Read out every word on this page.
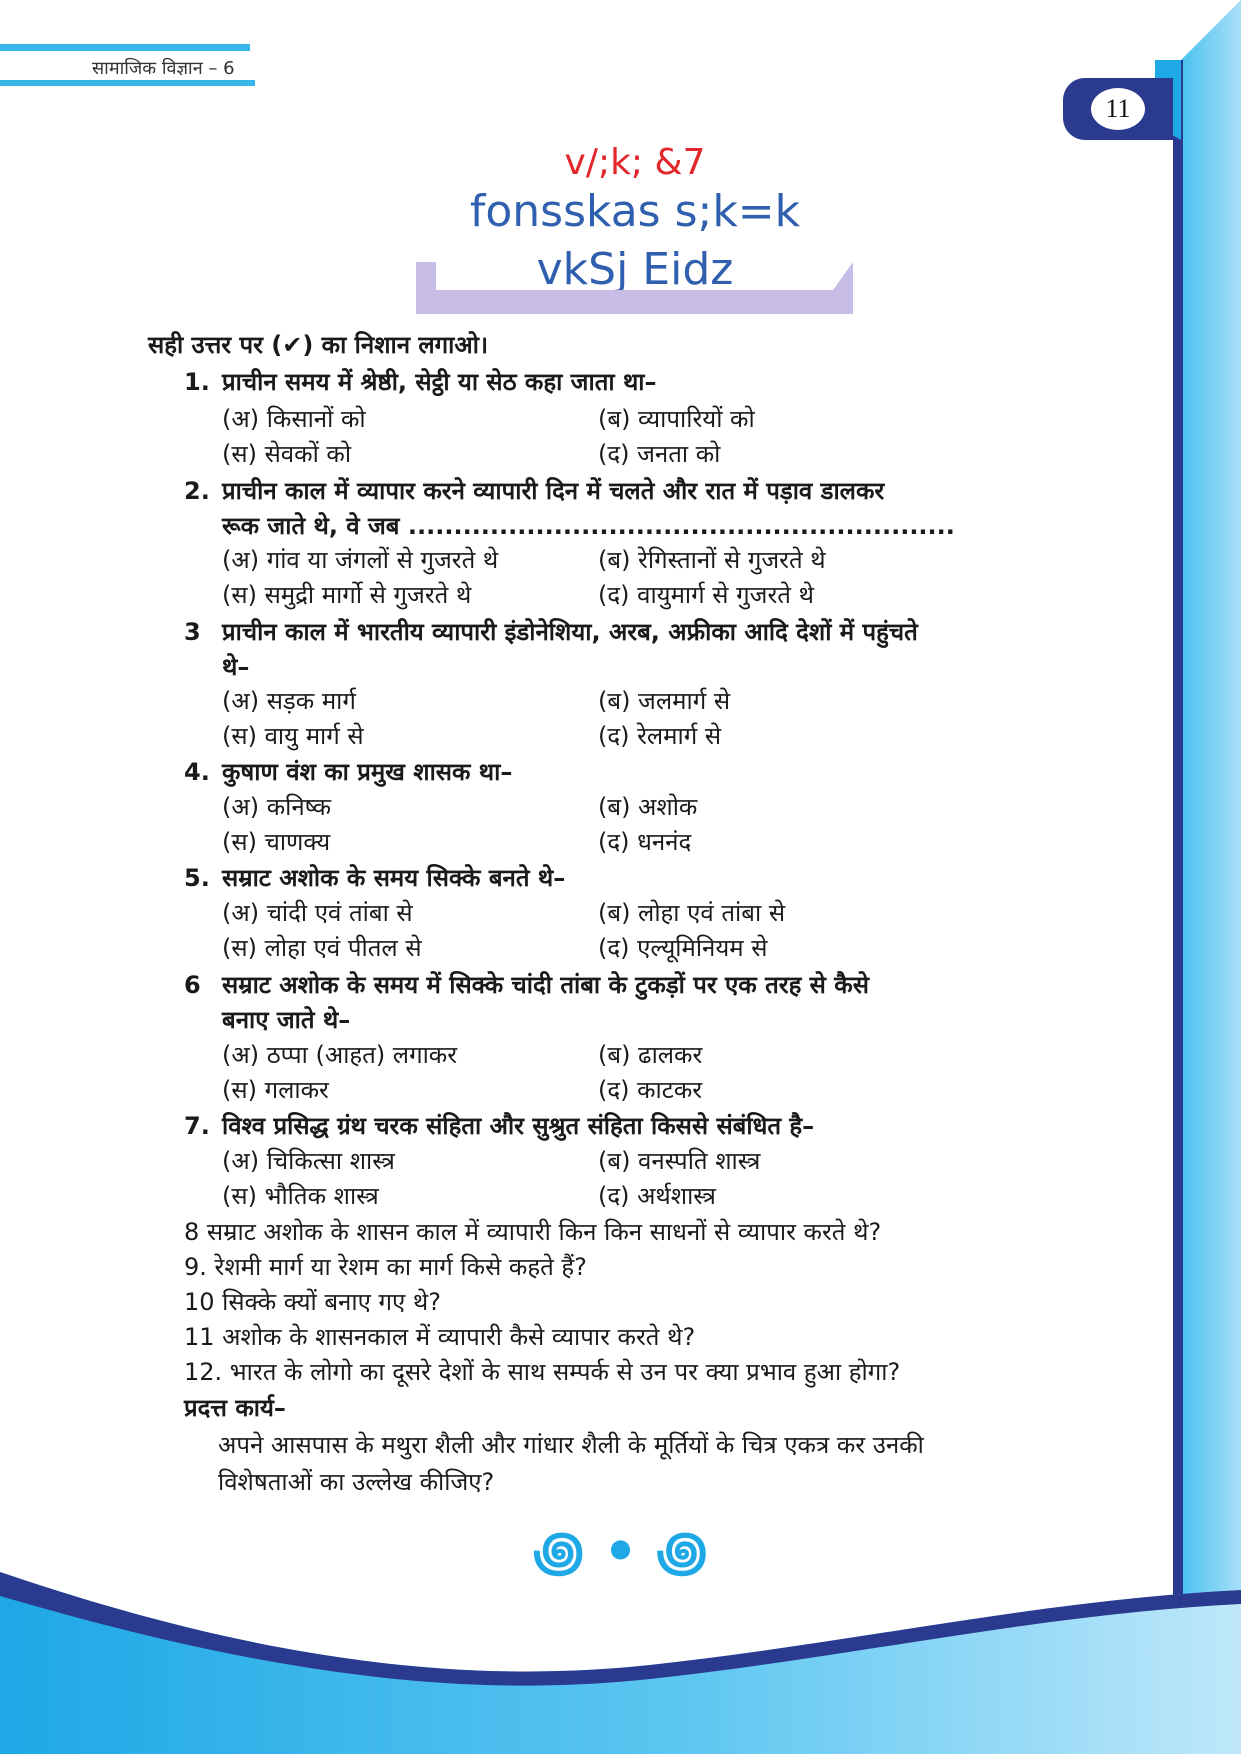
सामाजिक विज्ञान – 6
11
v/;k; &7
fonsskas s;k=k
vkSj Eidz
सही उत्तर पर (✔) का निशान लगाओ।
1. प्राचीन समय में श्रेष्ठी, सेट्ठी या सेठ कहा जाता था–
(अ) किसानों को	(ब) व्यापारियों को
(स) सेवकों को	(द) जनता को
2. प्राचीन काल में व्यापार करने व्यापारी दिन में चलते और रात में पड़ाव डालकर
रूक जाते थे, वे जब ............................................................
(अ) गांव या जंगलों से गुजरते थे	(ब) रेगिस्तानों से गुजरते थे
(स) समुद्री मार्गो से गुजरते थे	(द) वायुमार्ग से गुजरते थे
3 प्राचीन काल में भारतीय व्यापारी इंडोनेशिया, अरब, अफ्रीका आदि देशों में पहुंचते
थे–
(अ) सड़क मार्ग	(ब) जलमार्ग से
(स) वायु मार्ग से	(द) रेलमार्ग से
4. कुषाण वंश का प्रमुख शासक था–
(अ) कनिष्क	(ब) अशोक
(स) चाणक्य	(द) धननंद
5. सम्राट अशोक के समय सिक्के बनते थे–
(अ) चांदी एवं तांबा से	(ब) लोहा एवं तांबा से
(स) लोहा एवं पीतल से	(द) एल्यूमिनियम से
6 सम्राट अशोक के समय में सिक्के चांदी तांबा के टुकड़ों पर एक तरह से कैसे
बनाए जाते थे–
(अ) ठप्पा (आहत) लगाकर	(ब) ढालकर
(स) गलाकर	(द) काटकर
7. विश्व प्रसिद्ध ग्रंथ चरक संहिता और सुश्रुत संहिता किससे संबंधित है–
(अ) चिकित्सा शास्त्र	(ब) वनस्पति शास्त्र
(स) भौतिक शास्त्र	(द) अर्थशास्त्र
8 सम्राट अशोक के शासन काल में व्यापारी किन किन साधनों से व्यापार करते थे?
9. रेशमी मार्ग या रेशम का मार्ग किसे कहते हैं?
10 सिक्के क्यों बनाए गए थे?
11 अशोक के शासनकाल में व्यापारी कैसे व्यापार करते थे?
12. भारत के लोगो का दूसरे देशों के साथ सम्पर्क से उन पर क्या प्रभाव हुआ होगा?
प्रदत्त कार्य–
अपने आसपास के मथुरा शैली और गांधार शैली के मूर्तियों के चित्र एकत्र कर उनकी
विशेषताओं का उल्लेख कीजिए?
꩜ • ꩜
